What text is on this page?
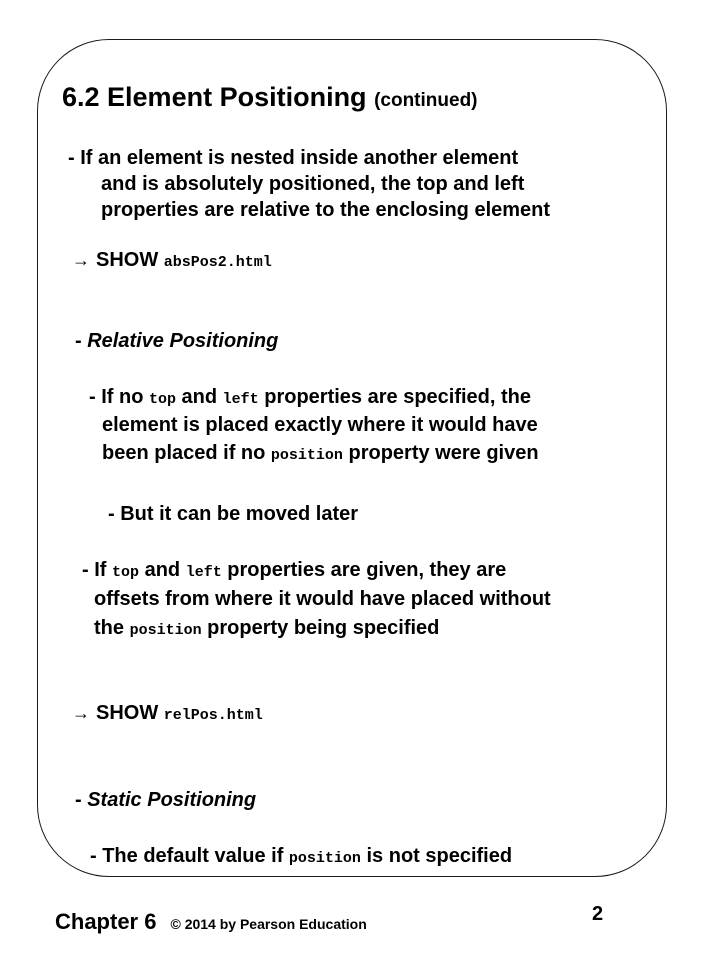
6.2 Element Positioning (continued)
- If an element is nested inside another element
and is absolutely positioned, the top and left
properties are relative to the enclosing element
→ SHOW absPos2.html
- Relative Positioning
- If no top and left properties are specified, the
element is placed exactly where it would have
been placed if no position property were given
- But it can be moved later
- If top and left properties are given, they are
offsets from where it would have placed without
the position property being specified
→ SHOW relPos.html
- Static Positioning
- The default value if position is not specified
Chapter 6 © 2014 by Pearson Education	2
